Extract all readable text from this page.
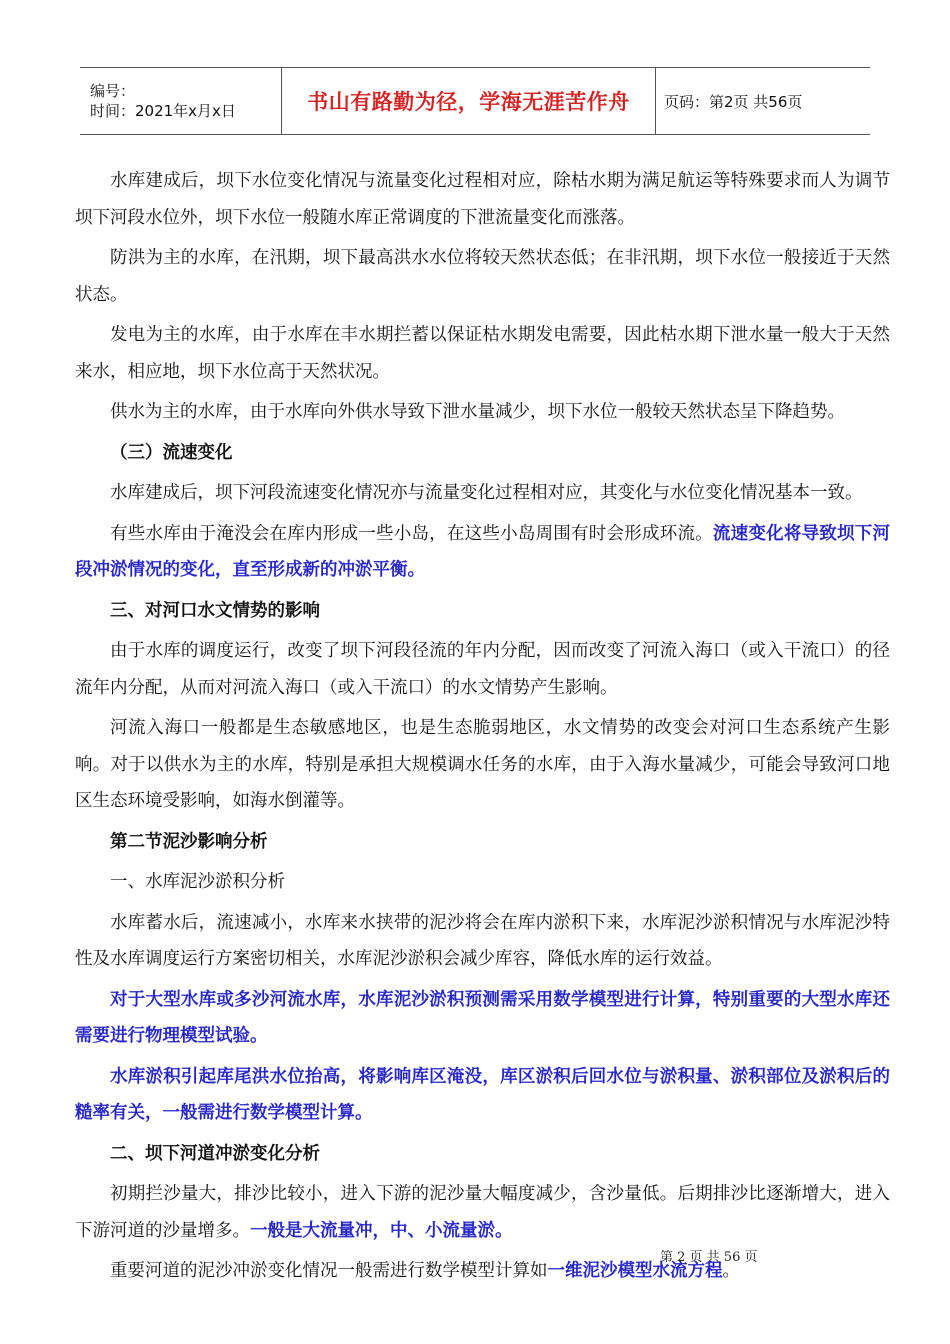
编号：
时间：2021年x月x日	书山有路勤为径，学海无涯苦作舟 页码：第2页 共56页

水库建成后，坝下水位变化情况与流量变化过程相对应，除枯水期为满足航运等特殊要求而人为调节坝下河段水位外，坝下水位一般随水库正常调度的下泄流量变化而涨落。

防洪为主的水库，在汛期，坝下最高洪水水位将较天然状态低；在非汛期，坝下水位一般接近于天然状态。

发电为主的水库，由于水库在丰水期拦蓄以保证枯水期发电需要，因此枯水期下泄水量一般大于天然来水，相应地，坝下水位高于天然状况。

供水为主的水库，由于水库向外供水导致下泄水量减少，坝下水位一般较天然状态呈下降趋势。

（三）流速变化

水库建成后，坝下河段流速变化情况亦与流量变化过程相对应，其变化与水位变化情况基本一致。

有些水库由于淹没会在库内形成一些小岛，在这些小岛周围有时会形成环流。流速变化将导致坝下河段冲淤情况的变化，直至形成新的冲淤平衡。

三、对河口水文情势的影响

由于水库的调度运行，改变了坝下河段径流的年内分配，因而改变了河流入海口（或入干流口）的径流年内分配，从而对河流入海口（或入干流口）的水文情势产生影响。

河流入海口一般都是生态敏感地区，也是生态脆弱地区，水文情势的改变会对河口生态系统产生影响。对于以供水为主的水库，特别是承担大规模调水任务的水库，由于入海水量减少，可能会导致河口地区生态环境受影响，如海水倒灌等。

第二节泥沙影响分析

一、水库泥沙淤积分析

水库蓄水后，流速减小，水库来水挟带的泥沙将会在库内淤积下来，水库泥沙淤积情况与水库泥沙特性及水库调度运行方案密切相关，水库泥沙淤积会减少库容，降低水库的运行效益。

对于大型水库或多沙河流水库，水库泥沙淤积预测需采用数学模型进行计算，特别重要的大型水库还需要进行物理模型试验。

水库淤积引起库尾洪水位抬高，将影响库区淹没，库区淤积后回水位与淤积量、淤积部位及淤积后的糙率有关，一般需进行数学模型计算。

二、坝下河道冲淤变化分析

初期拦沙量大，排沙比较小，进入下游的泥沙量大幅度减少，含沙量低。后期排沙比逐渐增大，进入下游河道的沙量增多。一般是大流量冲，中、小流量淤。

重要河道的泥沙冲淤变化情况一般需进行数学模型计算如一维泥沙模型水流方程。

第 2 页 共 56 页
